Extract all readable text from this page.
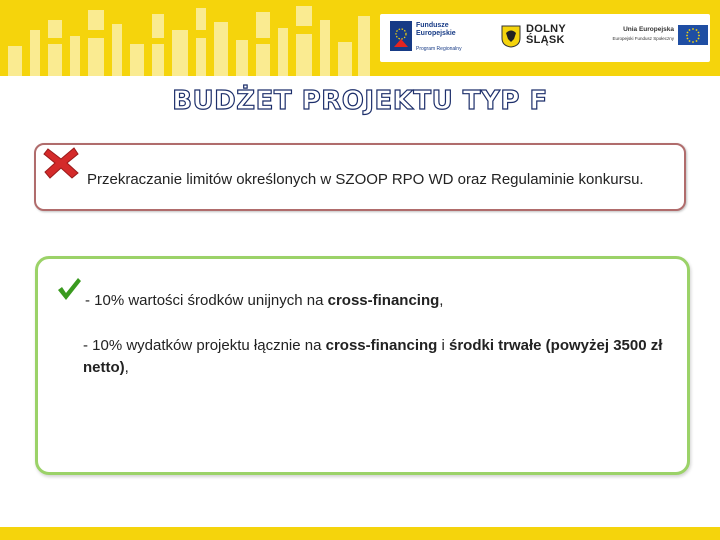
Fundusze
Europejskie
Program Regionalny
DOLNY
ŚLĄSK
Unia Europejska
Europejski Fundusz Społeczny
BUDŻET PROJEKTU TYP F
Przekraczanie limitów określonych w SZOOP RPO WD oraz Regulaminie konkursu.
- 10% wartości środków unijnych na cross-financing,
- 10% wydatków projektu łącznie na cross-financing i środki trwałe (powyżej 3500 zł netto),
